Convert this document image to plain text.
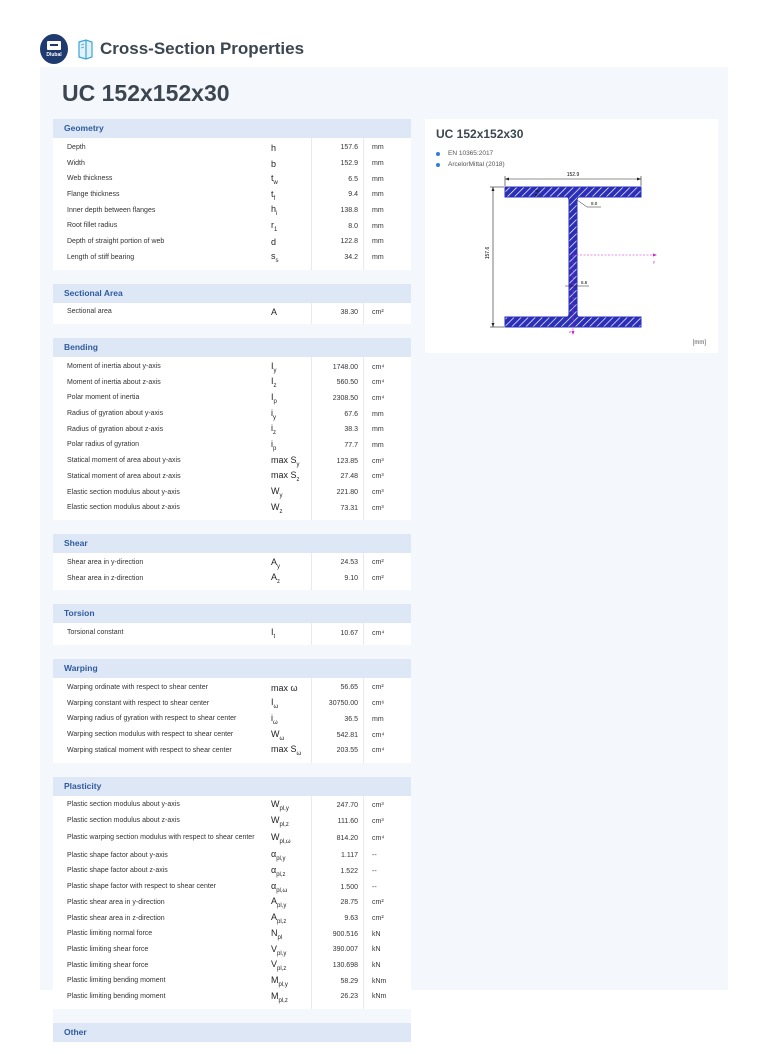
Dlubal Cross-Section Properties
UC 152x152x30
Geometry
Depth	h	157.6	mm
Width	b	152.9	mm
Web thickness	$t_w$	6.5	mm
Flange thickness	$t_f$	9.4	mm
Inner depth between flanges	$h_i$	138.8	mm
Root fillet radius	$r_1$	8.0	mm
Depth of straight portion of web	d	122.8	mm
Length of stiff bearing	$s_s$	34.2	mm
Sectional Area
Sectional area	A	38.30	cm²
Bending
Moment of inertia about y-axis	$I_y$	1748.00	cm⁴
Moment of inertia about z-axis	$I_z$	560.50	cm⁴
Polar moment of inertia	$I_p$	2308.50	cm⁴
Radius of gyration about y-axis	$i_y$	67.6	mm
Radius of gyration about z-axis	$i_z$	38.3	mm
Polar radius of gyration	$i_p$	77.7	mm
Statical moment of area about y-axis	$\max S_y$	123.85	cm³
Statical moment of area about z-axis	$\max S_z$	27.48	cm³
Elastic section modulus about y-axis	$W_y$	221.80	cm³
Elastic section modulus about z-axis	$W_z$	73.31	cm³
Shear
Shear area in y-direction	$A_y$	24.53	cm²
Shear area in z-direction	$A_z$	9.10	cm²
Torsion
Torsional constant	$I_t$	10.67	cm⁴
Warping
Warping ordinate with respect to shear center	max ω	56.65	cm²
Warping constant with respect to shear center	$I_\omega$	30750.00	cm⁶
Warping radius of gyration with respect to shear center	$i_\omega$	36.5	mm
Warping section modulus with respect to shear center	$W_\omega$	542.81	cm⁴
Warping statical moment with respect to shear center	$\max S_\omega$	203.55	cm⁴
Plasticity
Plastic section modulus about y-axis	$W_{pl,y}$	247.70	cm³
Plastic section modulus about z-axis	$W_{pl,z}$	111.60	cm³
Plastic warping section modulus with respect to shear center	$W_{pl,\omega}$	814.20	cm⁴
Plastic shape factor about y-axis	$\alpha_{pl,y}$	1.117	--
Plastic shape factor about z-axis	$\alpha_{pl,z}$	1.522	--
Plastic shape factor with respect to shear center	$\alpha_{pl,\omega}$	1.500	--
Plastic shear area in y-direction	$A_{pl,y}$	28.75	cm²
Plastic shear area in z-direction	$A_{pl,z}$	9.63	cm²
Plastic limiting normal force	$N_{pl}$	900.516	kN
Plastic limiting shear force	$V_{pl,y}$	390.007	kN
Plastic limiting shear force	$V_{pl,z}$	130.698	kN
Plastic limiting bending moment	$M_{pl,y}$	58.29	kNm
Plastic limiting bending moment	$M_{pl,z}$	26.23	kNm
Other
UC 152x152x30
EN 10365:2017
ArcelorMittal (2018)
152.9
157.6
9.4
8.0
6.5
y
z
[mm]
